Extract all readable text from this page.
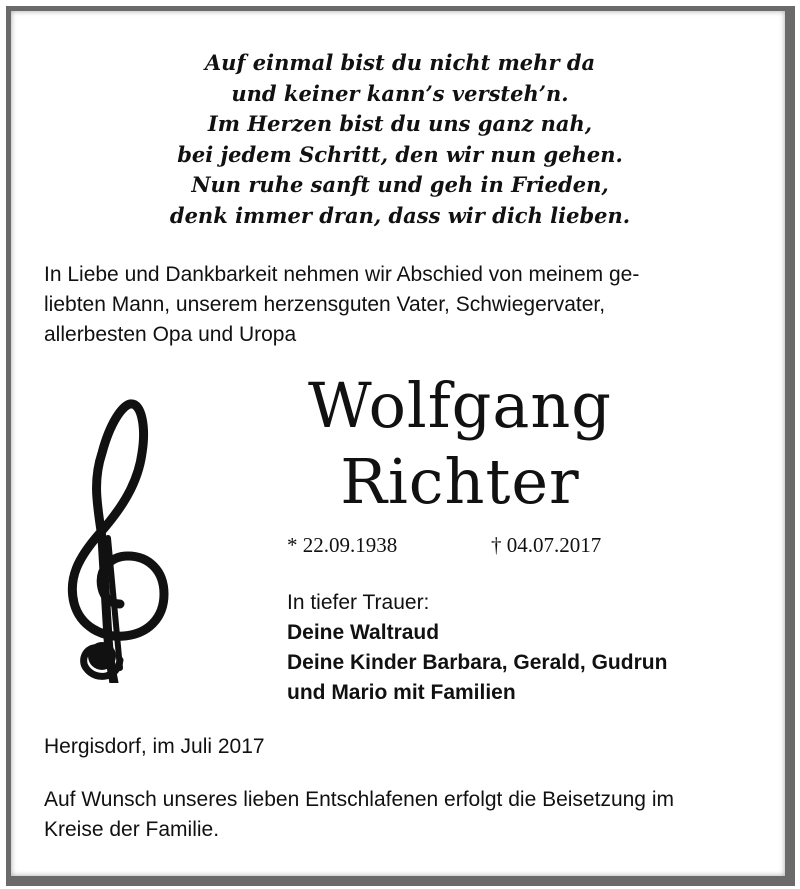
Auf einmal bist du nicht mehr da
und keiner kann’s versteh’n.
Im Herzen bist du uns ganz nah,
bei jedem Schritt, den wir nun gehen.
Nun ruhe sanft und geh in Frieden,
denk immer dran, dass wir dich lieben.
In Liebe und Dankbarkeit nehmen wir Abschied von meinem ge-
liebten Mann, unserem herzensguten Vater, Schwiegervater,
allerbesten Opa und Uropa
Wolfgang
Richter
* 22.09.1938	† 04.07.2017
In tiefer Trauer:
Deine Waltraud
Deine Kinder Barbara, Gerald, Gudrun
und Mario mit Familien
Hergisdorf, im Juli 2017
Auf Wunsch unseres lieben Entschlafenen erfolgt die Beisetzung im
Kreise der Familie.
